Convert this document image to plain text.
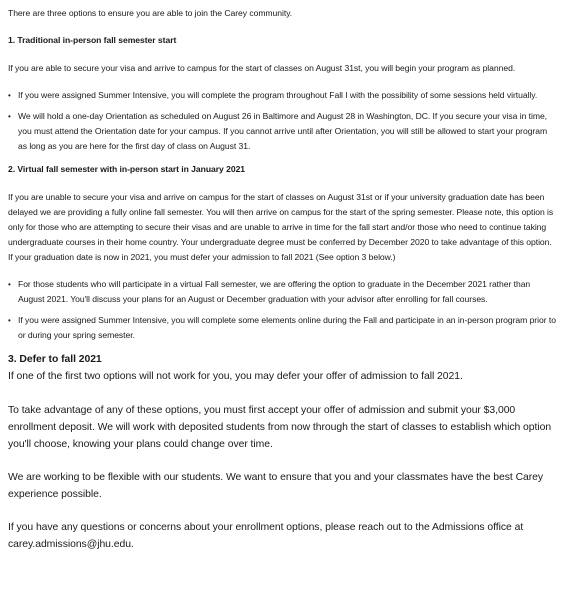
There are three options to ensure you are able to join the Carey community.

1. Traditional in-person fall semester start

If you are able to secure your visa and arrive to campus for the start of classes on August 31st, you will begin your program as planned.

• If you were assigned Summer Intensive, you will complete the program throughout Fall I with the possibility of some sessions held virtually.
• We will hold a one-day Orientation as scheduled on August 26 in Baltimore and August 28 in Washington, DC. If you secure your visa in time, you must attend the Orientation date for your campus. If you cannot arrive until after Orientation, you will still be allowed to start your program as long as you are here for the first day of class on August 31.

2. Virtual fall semester with in-person start in January 2021

If you are unable to secure your visa and arrive on campus for the start of classes on August 31st or if your university graduation date has been delayed we are providing a fully online fall semester. You will then arrive on campus for the start of the spring semester. Please note, this option is only for those who are attempting to secure their visas and are unable to arrive in time for the fall start and/or those who need to continue taking undergraduate courses in their home country. Your undergraduate degree must be conferred by December 2020 to take advantage of this option. If your graduation date is now in 2021, you must defer your admission to fall 2021 (See option 3 below.)

• For those students who will participate in a virtual Fall semester, we are offering the option to graduate in the December 2021 rather than August 2021. You'll discuss your plans for an August or December graduation with your advisor after enrolling for fall courses.
• If you were assigned Summer Intensive, you will complete some elements online during the Fall and participate in an in-person program prior to or during your spring semester.

3. Defer to fall 2021

If one of the first two options will not work for you, you may defer your offer of admission to fall 2021.

To take advantage of any of these options, you must first accept your offer of admission and submit your $3,000 enrollment deposit. We will work with deposited students from now through the start of classes to establish which option you'll choose, knowing your plans could change over time.

We are working to be flexible with our students. We want to ensure that you and your classmates have the best Carey experience possible.

If you have any questions or concerns about your enrollment options, please reach out to the Admissions office at carey.admissions@jhu.edu.
